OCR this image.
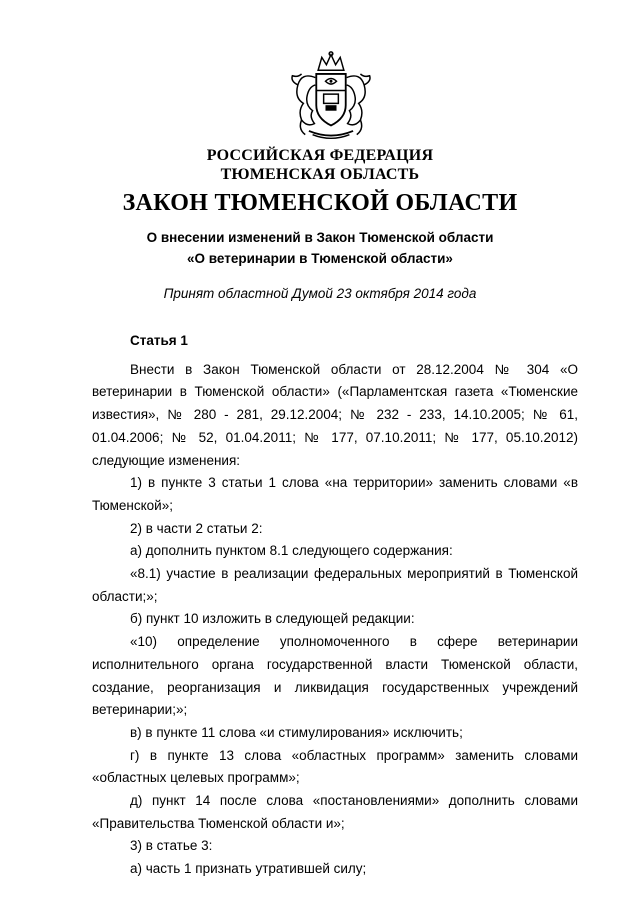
РОССИЙСКАЯ ФЕДЕРАЦИЯ
ТЮМЕНСКАЯ ОБЛАСТЬ
ЗАКОН ТЮМЕНСКОЙ ОБЛАСТИ

О внесении изменений в Закон Тюменской области

«О ветеринарии в Тюменской области»

Принят областной Думой 23 октября 2014 года

Статья 1

Внести в Закон Тюменской области от 28.12.2004 № 304 «О ветеринарии в Тюменской области» («Парламентская газета «Тюменские известия», № 280 - 281, 29.12.2004; № 232 - 233, 14.10.2005; № 61, 01.04.2006; № 52, 01.04.2011; № 177, 07.10.2011; № 177, 05.10.2012) следующие изменения:

1) в пункте 3 статьи 1 слова «на территории» заменить словами «в Тюменской»;

2) в части 2 статьи 2:

а) дополнить пунктом 8.1 следующего содержания:

«8.1) участие в реализации федеральных мероприятий в Тюменской области;»;

б) пункт 10 изложить в следующей редакции:

«10) определение уполномоченного в сфере ветеринарии исполнительного органа государственной власти Тюменской области, создание, реорганизация и ликвидация государственных учреждений ветеринарии;»;

в) в пункте 11 слова «и стимулирования» исключить;

г) в пункте 13 слова «областных программ» заменить словами «областных целевых программ»;

д) пункт 14 после слова «постановлениями» дополнить словами «Правительства Тюменской области и»;

3) в статье 3:

а) часть 1 признать утратившей силу;
